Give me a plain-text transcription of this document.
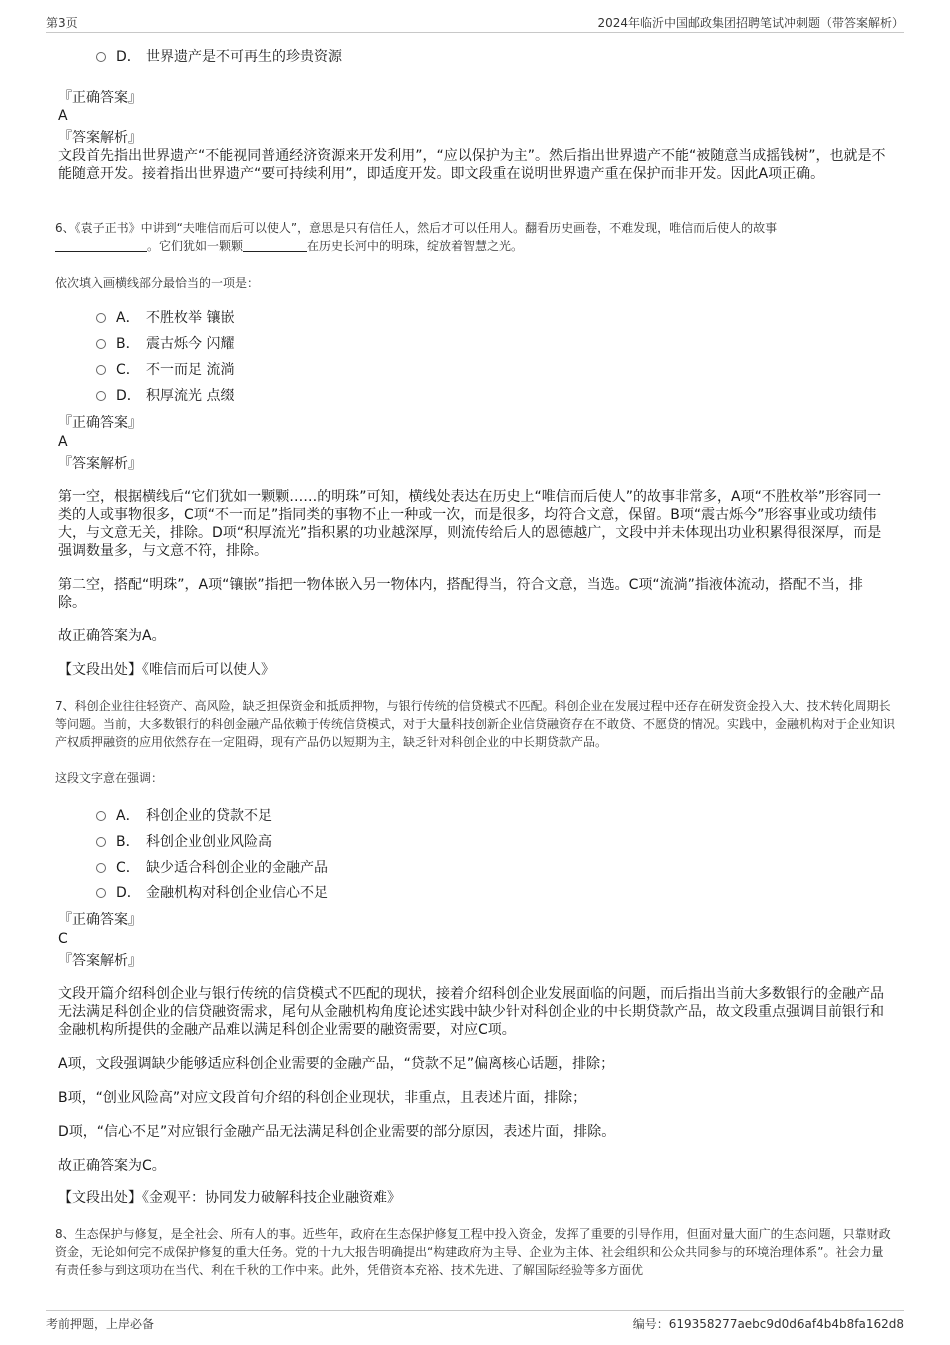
第3页	2024年临沂中国邮政集团招聘笔试冲刺题（带答案解析）
D． 世界遗产是不可再生的珍贵资源
『正确答案』
A
『答案解析』
文段首先指出世界遗产“不能视同普通经济资源来开发利用”，“应以保护为主”。然后指出世界遗产不能“被随意当成摇钱树”，也就是不能随意开发。接着指出世界遗产“要可持续利用”，即适度开发。即文段重在说明世界遗产重在保护而非开发。因此A项正确。
6、《袁子正书》中讲到“夫唯信而后可以使人”，意思是只有信任人，然后才可以任用人。翻看历史画卷，不难发现，唯信而后使人的故事
。它们犹如一颗颗	在历史长河中的明珠，绽放着智慧之光。
依次填入画横线部分最恰当的一项是：
A． 不胜枚举 镶嵌
B． 震古烁今 闪耀
C． 不一而足 流淌
D． 积厚流光 点缀
『正确答案』
A
『答案解析』
第一空，根据横线后“它们犹如一颗颗……的明珠”可知，横线处表达在历史上“唯信而后使人”的故事非常多，A项“不胜枚举”形容同一类的人或事物很多，C项“不一而足”指同类的事物不止一种或一次，而是很多，均符合文意，保留。B项“震古烁今”形容事业或功绩伟大，与文意无关，排除。D项“积厚流光”指积累的功业越深厚，则流传给后人的恩德越广，文段中并未体现出功业积累得很深厚，而是强调数量多，与文意不符，排除。
第二空，搭配“明珠”，A项“镶嵌”指把一物体嵌入另一物体内，搭配得当，符合文意，当选。C项“流淌”指液体流动，搭配不当，排除。
故正确答案为A。
【文段出处】《唯信而后可以使人》
7、科创企业往往轻资产、高风险，缺乏担保资金和抵质押物，与银行传统的信贷模式不匹配。科创企业在发展过程中还存在研发资金投入大、技术转化周期长等问题。当前，大多数银行的科创金融产品依赖于传统信贷模式，对于大量科技创新企业信贷融资存在不敢贷、不愿贷的情况。实践中，金融机构对于企业知识产权质押融资的应用依然存在一定阻碍，现有产品仍以短期为主，缺乏针对科创企业的中长期贷款产品。
这段文字意在强调：
A． 科创企业的贷款不足
B． 科创企业创业风险高
C． 缺少适合科创企业的金融产品
D． 金融机构对科创企业信心不足
『正确答案』
C
『答案解析』
文段开篇介绍科创企业与银行传统的信贷模式不匹配的现状，接着介绍科创企业发展面临的问题，而后指出当前大多数银行的金融产品无法满足科创企业的信贷融资需求，尾句从金融机构角度论述实践中缺少针对科创企业的中长期贷款产品，故文段重点强调目前银行和金融机构所提供的金融产品难以满足科创企业需要的融资需要，对应C项。
A项，文段强调缺少能够适应科创企业需要的金融产品，“贷款不足”偏离核心话题，排除；
B项，“创业风险高”对应文段首句介绍的科创企业现状，非重点，且表述片面，排除；
D项，“信心不足”对应银行金融产品无法满足科创企业需要的部分原因，表述片面，排除。
故正确答案为C。
【文段出处】《金观平：协同发力破解科技企业融资难》
8、生态保护与修复，是全社会、所有人的事。近些年，政府在生态保护修复工程中投入资金，发挥了重要的引导作用，但面对量大面广的生态问题，只靠财政资金，无论如何完不成保护修复的重大任务。党的十九大报告明确提出“构建政府为主导、企业为主体、社会组织和公众共同参与的环境治理体系”。社会力量有责任参与到这项功在当代、利在千秋的工作中来。此外，凭借资本充裕、技术先进、了解国际经验等多方面优
考前押题，上岸必备	编号：619358277aebc9d0d6af4b4b8fa162d8
